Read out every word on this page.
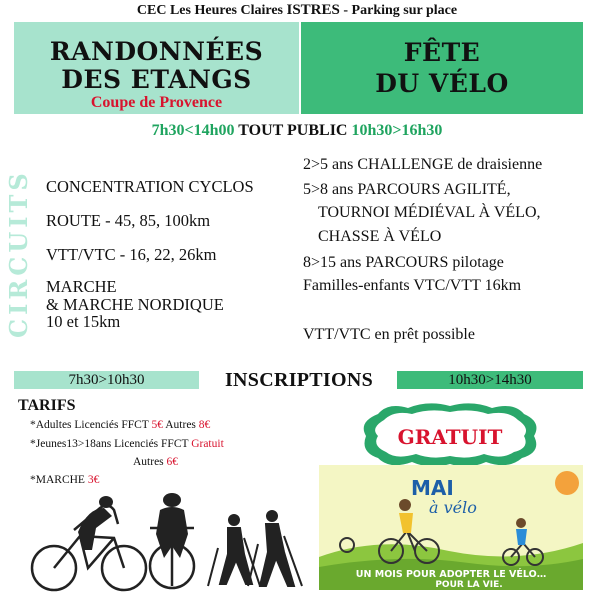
CEC Les Heures Claires ISTRES - Parking sur place
RANDONNÉES
DES ETANGS
Coupe de Provence
FÊTE
DU VÉLO
7h30<14h00 TOUT PUBLIC 10h30>16h30
CIRCUITS CONCENTRATION CYCLOS
ROUTE - 45, 85, 100km
VTT/VTC - 16, 22, 26km
MARCHE
& MARCHE NORDIQUE
10 et 15km
2>5 ans CHALLENGE de draisienne
5>8 ans PARCOURS AGILITÉ,
TOURNOI MÉDIÉVAL À VÉLO,
CHASSE À VÉLO
8>15 ans PARCOURS pilotage
Familles-enfants VTC/VTT 16km
VTT/VTC en prêt possible
7h30>10h30	INSCRIPTIONS	10h30>14h30
TARIFS
*Adultes Licenciés FFCT 5€ Autres 8€
*Jeunes13>18ans Licenciés FFCT Gratuit
Autres 6€
*MARCHE 3€
GRATUIT
MAI
à vélo
UN MOIS POUR ADOPTER LE VÉLO…
POUR LA VIE.
